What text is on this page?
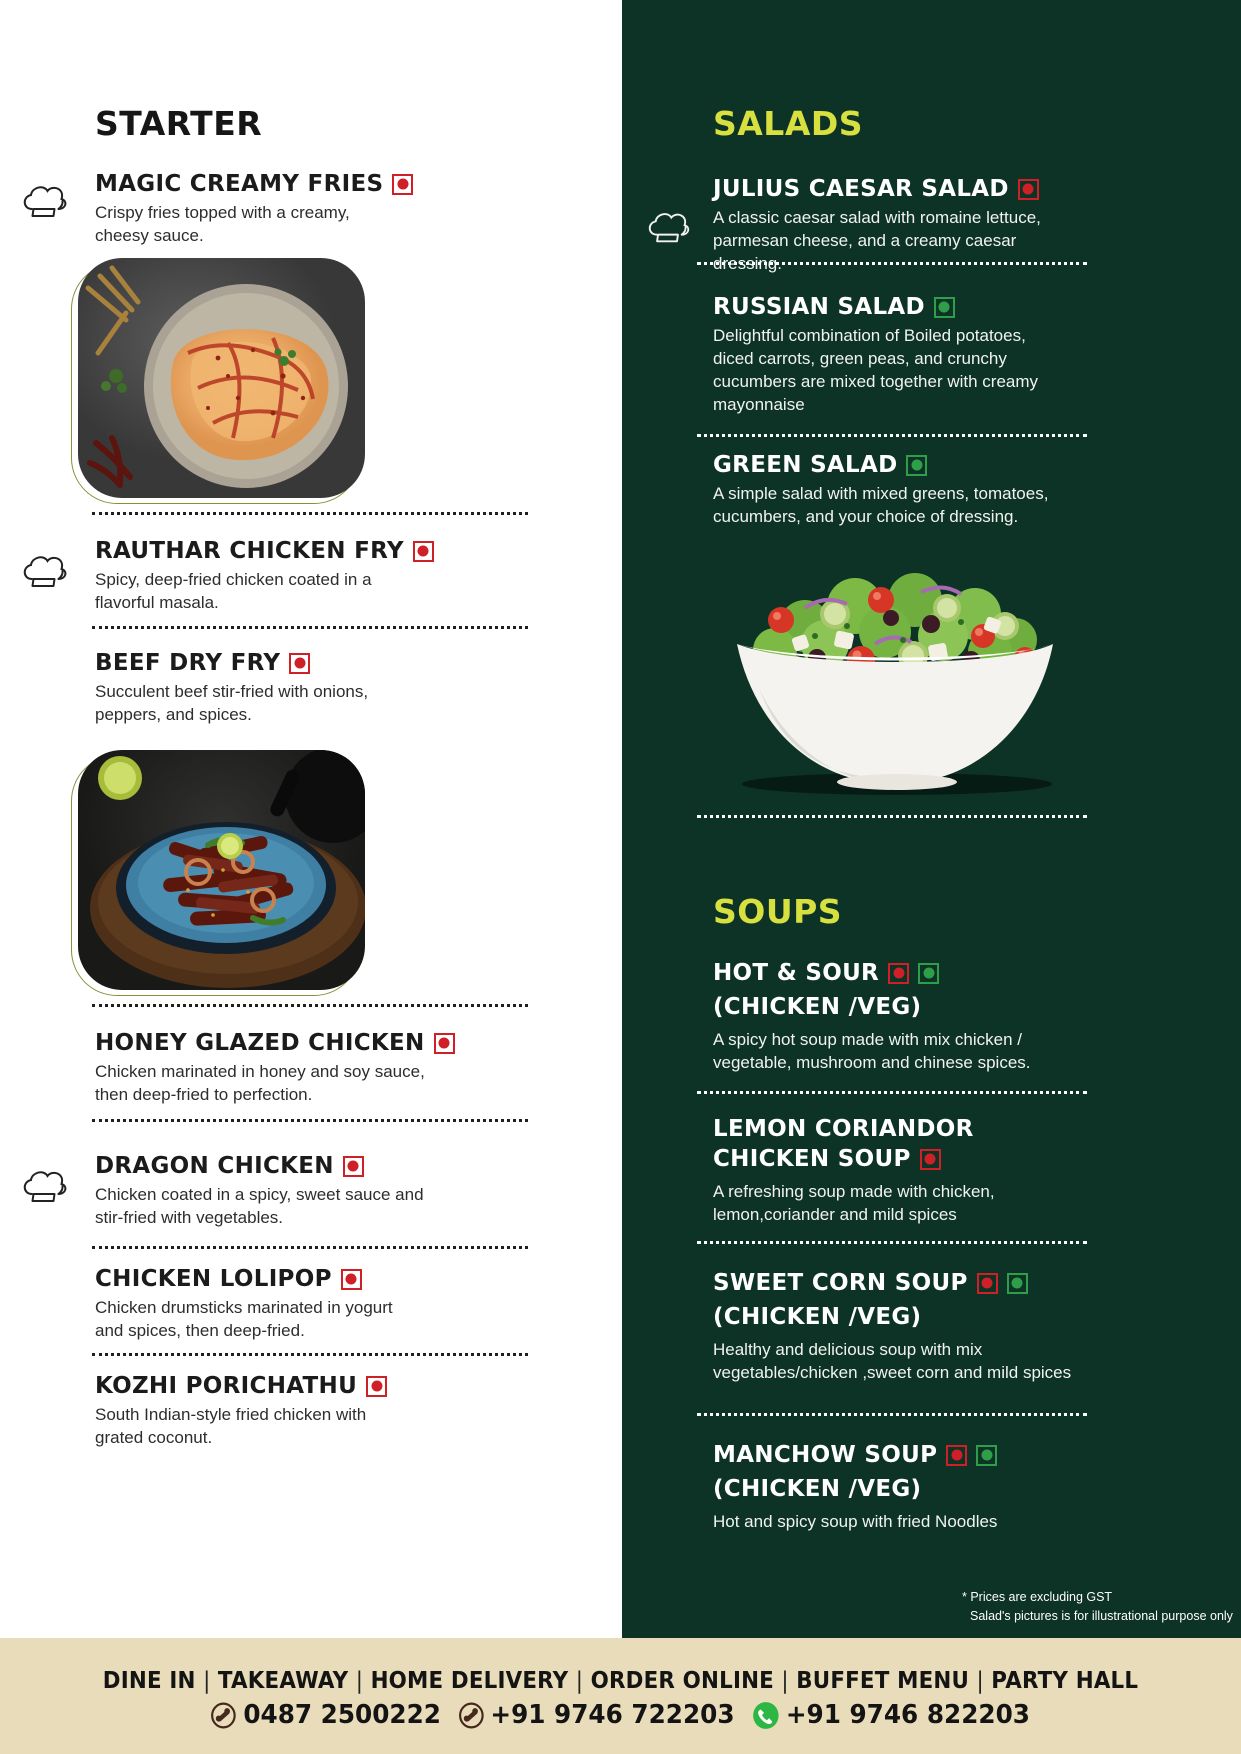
STARTER
MAGIC CREAMY FRIES
Crispy fries topped with a creamy, cheesy sauce.
RAUTHAR CHICKEN FRY
Spicy, deep-fried chicken coated in a flavorful masala.
BEEF DRY FRY
Succulent beef stir-fried with onions, peppers, and spices.
HONEY GLAZED CHICKEN
Chicken marinated in honey and soy sauce, then deep-fried to perfection.
DRAGON CHICKEN
Chicken coated in a spicy, sweet sauce and stir-fried with vegetables.
CHICKEN LOLIPOP
Chicken drumsticks marinated in yogurt and spices, then deep-fried.
KOZHI PORICHATHU
South Indian-style fried chicken with grated coconut.
SALADS
JULIUS CAESAR SALAD
A classic caesar salad with romaine lettuce, parmesan cheese, and a creamy caesar dressing.
RUSSIAN SALAD
Delightful combination of Boiled potatoes, diced carrots, green peas, and crunchy cucumbers are mixed together with creamy mayonnaise
GREEN SALAD
A simple salad with mixed greens, tomatoes, cucumbers, and your choice of dressing.
SOUPS
HOT & SOUR
(CHICKEN /VEG)
A spicy hot soup made with mix chicken / vegetable, mushroom and chinese spices.
LEMON CORIANDOR
CHICKEN SOUP
A refreshing soup made with chicken, lemon,coriander and mild spices
SWEET CORN SOUP
(CHICKEN /VEG)
Healthy and delicious soup with mix vegetables/chicken ,sweet corn and mild spices
MANCHOW SOUP
(CHICKEN /VEG)
Hot and spicy soup with fried Noodles
* Prices are excluding GST
Salad's pictures is for illustrational purpose only
DINE IN | TAKEAWAY | HOME DELIVERY | ORDER ONLINE | BUFFET MENU | PARTY HALL
0487 2500222 +91 9746 722203 +91 9746 822203
